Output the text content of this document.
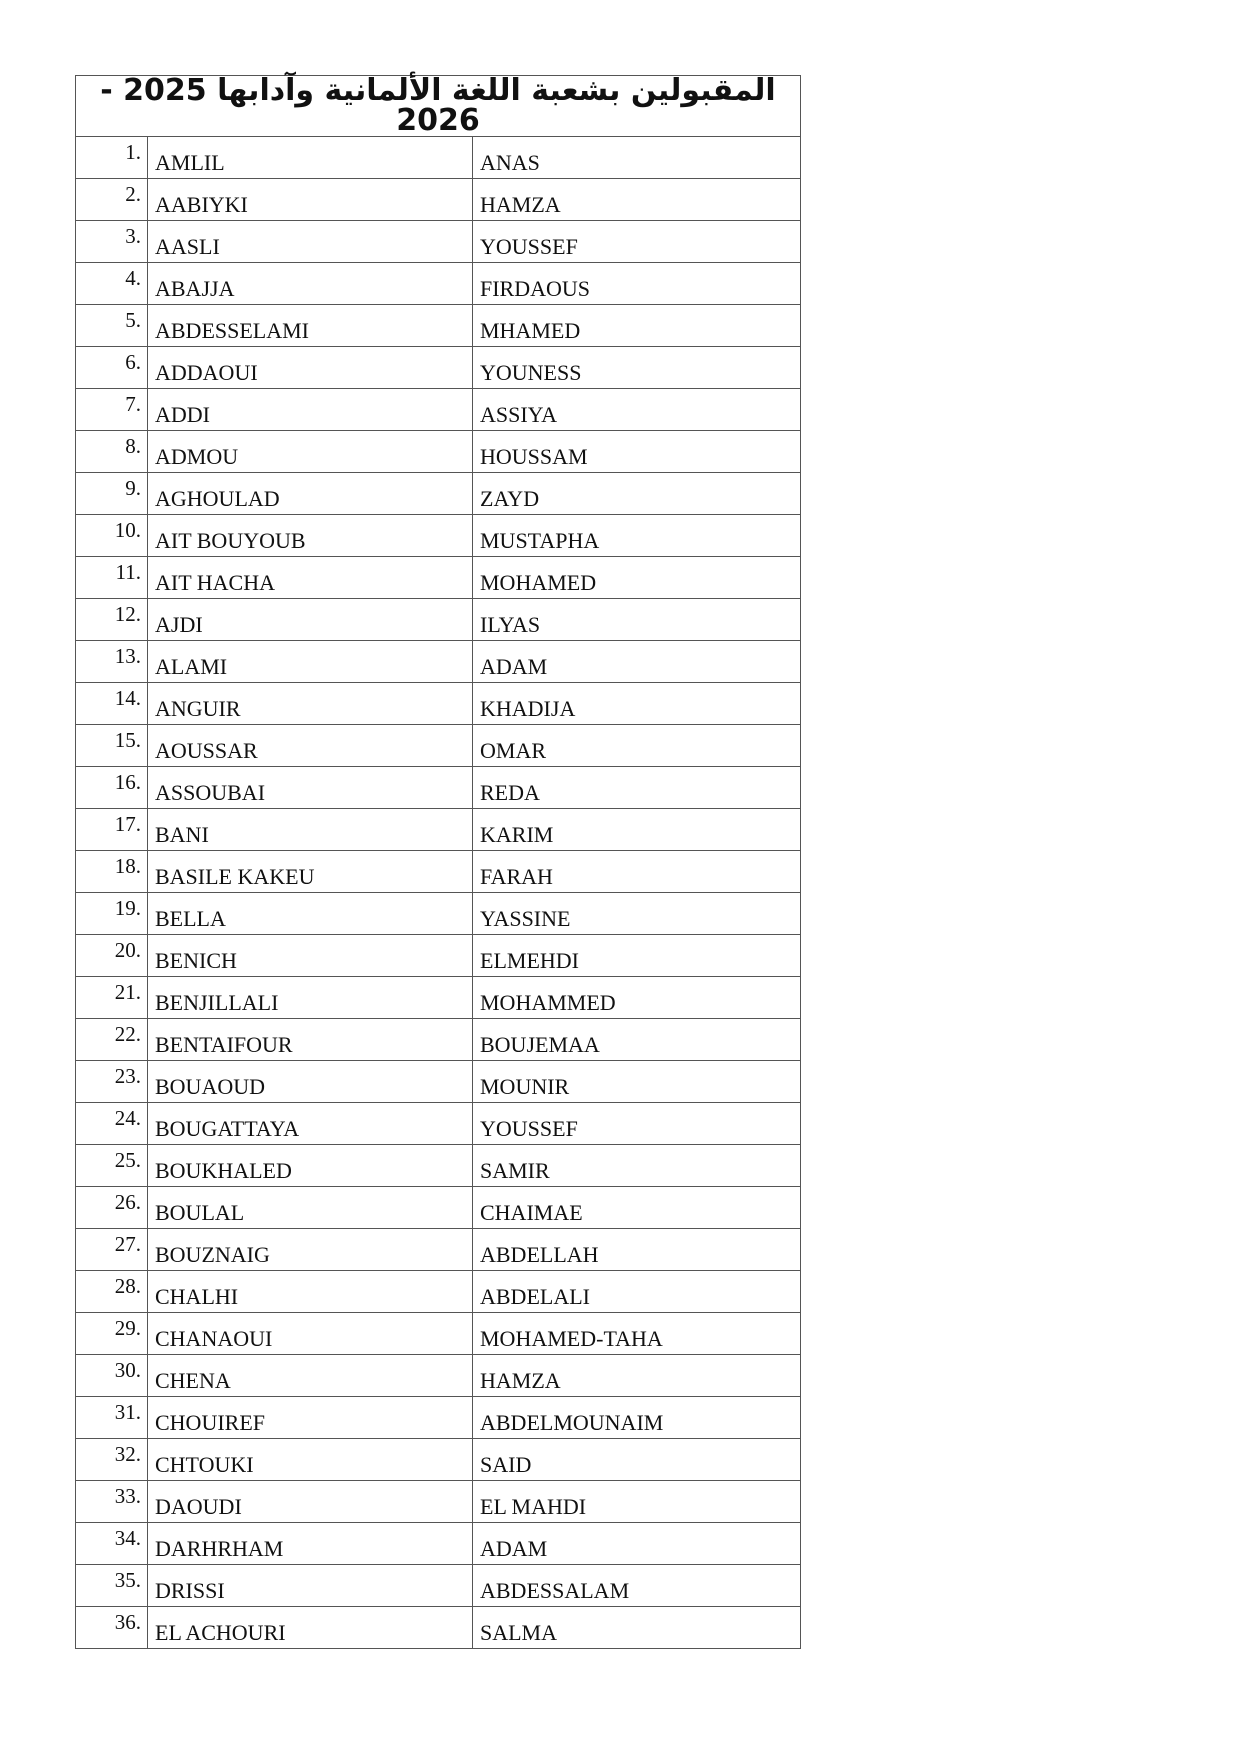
المقبولين بشعبة اللغة الألمانية وآدابها 2025 - 2026		
1.	AMLIL	ANAS
2.	AABIYKI	HAMZA
3.	AASLI	YOUSSEF
4.	ABAJJA	FIRDAOUS
5.	ABDESSELAMI	MHAMED
6.	ADDAOUI	YOUNESS
7.	ADDI	ASSIYA
8.	ADMOU	HOUSSAM
9.	AGHOULAD	ZAYD
10.	AIT BOUYOUB	MUSTAPHA
11.	AIT HACHA	MOHAMED
12.	AJDI	ILYAS
13.	ALAMI	ADAM
14.	ANGUIR	KHADIJA
15.	AOUSSAR	OMAR
16.	ASSOUBAI	REDA
17.	BANI	KARIM
18.	BASILE KAKEU	FARAH
19.	BELLA	YASSINE
20.	BENICH	ELMEHDI
21.	BENJILLALI	MOHAMMED
22.	BENTAIFOUR	BOUJEMAA
23.	BOUAOUD	MOUNIR
24.	BOUGATTAYA	YOUSSEF
25.	BOUKHALED	SAMIR
26.	BOULAL	CHAIMAE
27.	BOUZNAIG	ABDELLAH
28.	CHALHI	ABDELALI
29.	CHANAOUI	MOHAMED-TAHA
30.	CHENA	HAMZA
31.	CHOUIREF	ABDELMOUNAIM
32.	CHTOUKI	SAID
33.	DAOUDI	EL MAHDI
34.	DARHRHAM	ADAM
35.	DRISSI	ABDESSALAM
36.	EL ACHOURI	SALMA
